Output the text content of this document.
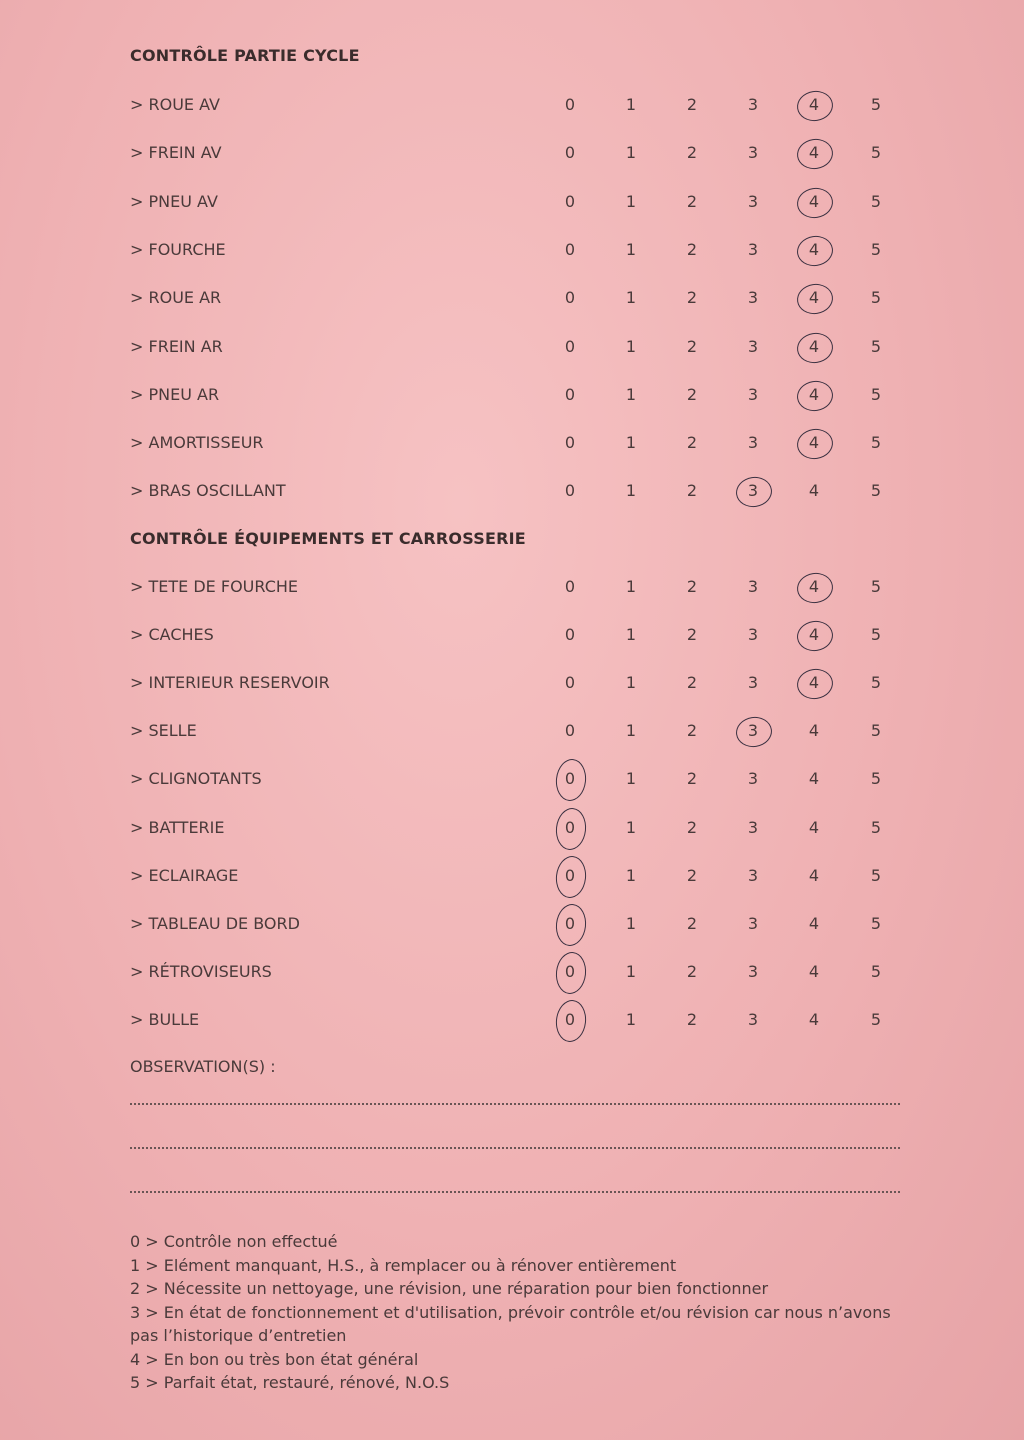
CONTRÔLE PARTIE CYCLE
> ROUE AV	0	1	2	3	4	5
> FREIN AV	0	1	2	3	4	5
> PNEU AV	0	1	2	3	4	5
> FOURCHE	0	1	2	3	4	5
> ROUE AR	0	1	2	3	4	5
> FREIN AR	0	1	2	3	4	5
> PNEU AR	0	1	2	3	4	5
> AMORTISSEUR	0	1	2	3	4	5
> BRAS OSCILLANT	0	1	2	3	4	5
CONTRÔLE ÉQUIPEMENTS ET CARROSSERIE
> TETE DE FOURCHE	0	1	2	3	4	5
> CACHES	0	1	2	3	4	5
> INTERIEUR RESERVOIR	0	1	2	3	4	5
> SELLE	0	1	2	3	4	5
> CLIGNOTANTS	0	1	2	3	4	5
> BATTERIE	0	1	2	3	4	5
> ECLAIRAGE	0	1	2	3	4	5
> TABLEAU DE BORD	0	1	2	3	4	5
> RÉTROVISEURS	0	1	2	3	4	5
> BULLE	0	1	2	3	4	5
OBSERVATION(S) :
0 > Contrôle non effectué
1 > Elément manquant, H.S., à remplacer ou à rénover entièrement
2 > Nécessite un nettoyage, une révision, une réparation pour bien fonctionner
3 > En état de fonctionnement et d'utilisation, prévoir contrôle et/ou révision car nous n’avons pas l’historique d’entretien
4 > En bon ou très bon état général
5 > Parfait état, restauré, rénové, N.O.S
